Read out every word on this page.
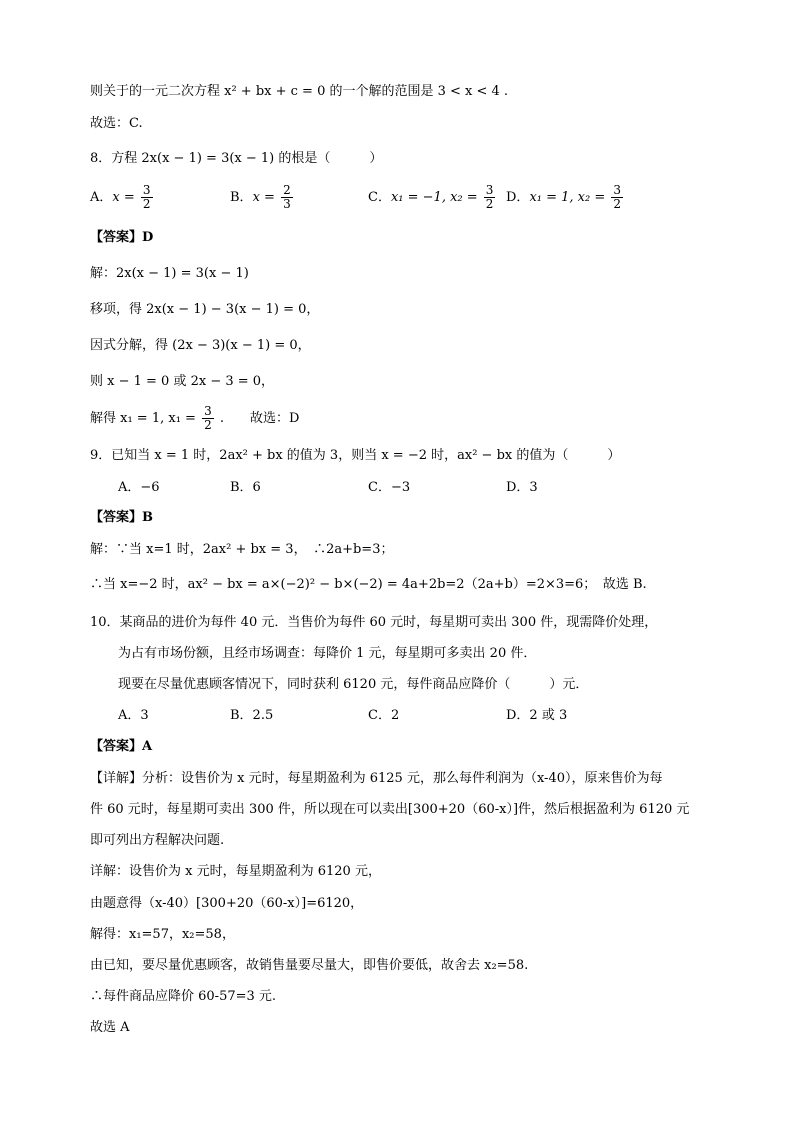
则关于的一元二次方程 x² + bx + c = 0 的一个解的范围是 3 < x < 4 .
故选：C.
8．方程 2x(x − 1) = 3(x − 1) 的根是（　　　）
A．$x = \frac{3}{2}$	B．$x = \frac{2}{3}$	C．x₁ = −1, $x_2 = \frac{3}{2}$ D．x₁ = 1, $x_2 = \frac{3}{2}$
【答案】D
解：2x(x − 1) = 3(x − 1)
移项，得 2x(x − 1) − 3(x − 1) = 0，
因式分解，得 (2x − 3)(x − 1) = 0，
则 x − 1 = 0 或 2x − 3 = 0，
解得 x₁ = 1, $x_1 = \frac{3}{2}$ .　　故选：D
9．已知当 x = 1 时，2ax² + bx 的值为 3，则当 x = −2 时，ax² − bx 的值为（　　　）
A．−6	B．6	C．−3	D．3
【答案】B
解：∵当 x=1 时，2ax² + bx = 3，　∴2a+b=3；
∴当 x=−2 时，ax² − bx = a×(−2)² − b×(−2) = 4a+2b=2（2a+b）=2×3=6；　故选 B.
10．某商品的进价为每件 40 元．当售价为每件 60 元时，每星期可卖出 300 件，现需降价处理，
为占有市场份额，且经市场调查：每降价 1 元，每星期可多卖出 20 件．
现要在尽量优惠顾客情况下，同时获利 6120 元，每件商品应降价（　　　）元．
A．3	B．2.5	C．2	D．2 或 3
【答案】A
【详解】分析：设售价为 x 元时，每星期盈利为 6125 元，那么每件利润为（x-40），原来售价为每
件 60 元时，每星期可卖出 300 件，所以现在可以卖出[300+20（60-x）]件，然后根据盈利为 6120 元
即可列出方程解决问题.
详解：设售价为 x 元时，每星期盈利为 6120 元，
由题意得（x-40）[300+20（60-x）]=6120，
解得：x₁=57，x₂=58，
由已知，要尽量优惠顾客，故销售量要尽量大，即售价要低，故舍去 x₂=58.
∴每件商品应降价 60-57=3 元.
故选 A
